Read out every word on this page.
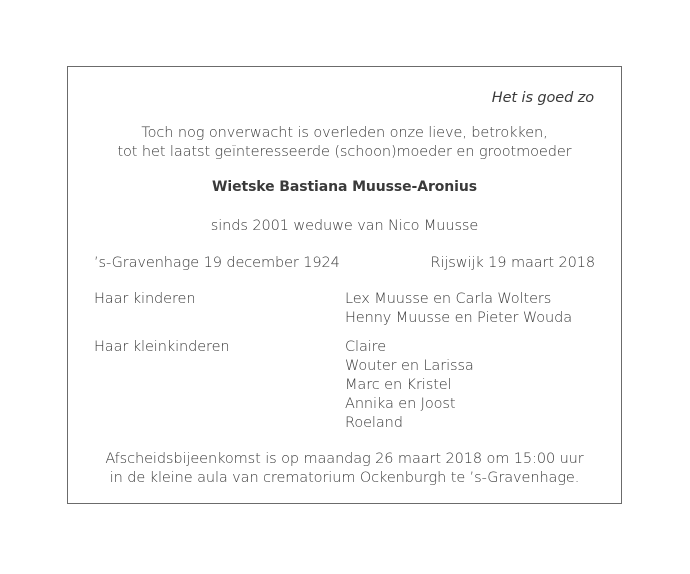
Het is goed zo
Toch nog onverwacht is overleden onze lieve, betrokken,
tot het laatst geïnteresseerde (schoon)moeder en grootmoeder
Wietske Bastiana Muusse-Aronius
sinds 2001 weduwe van Nico Muusse
’s-Gravenhage 19 december 1924	Rijswijk 19 maart 2018
Haar kinderen	Lex Muusse en Carla Wolters
Henny Muusse en Pieter Wouda
Haar kleinkinderen	Claire
Wouter en Larissa
Marc en Kristel
Annika en Joost
Roeland
Afscheidsbijeenkomst is op maandag 26 maart 2018 om 15:00 uur
in de kleine aula van crematorium Ockenburgh te ’s-Gravenhage.
